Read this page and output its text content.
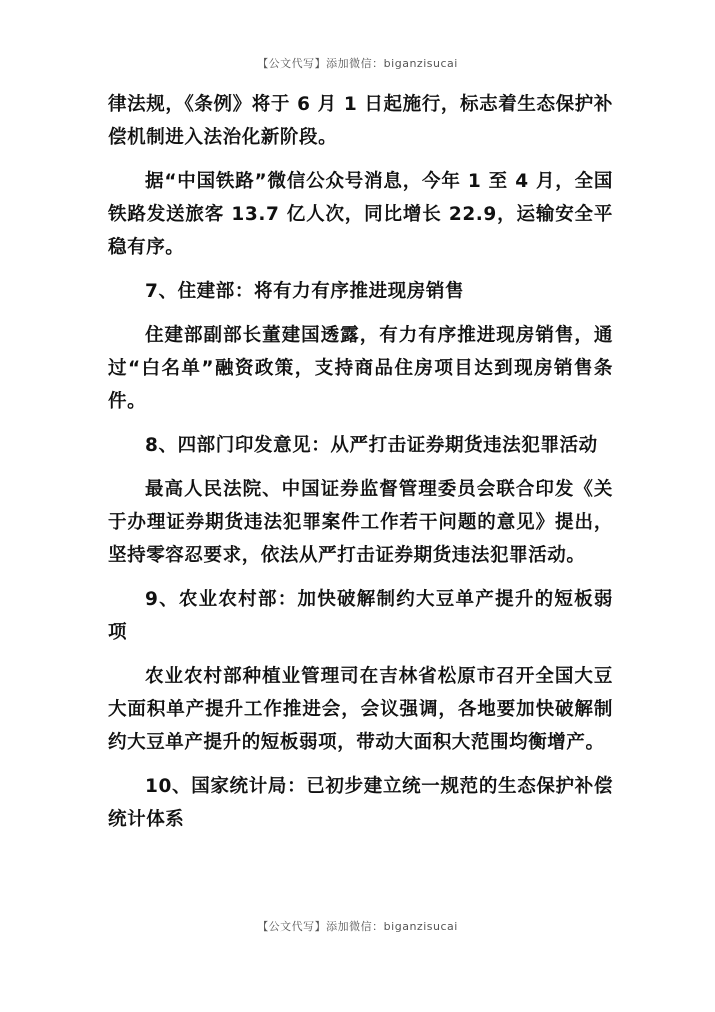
【公文代写】添加微信：biganzisucai

律法规，《条例》将于 6 月 1 日起施行，标志着生态保护补偿机制进入法治化新阶段。

据“中国铁路”微信公众号消息，今年 1 至 4 月，全国铁路发送旅客 13.7 亿人次，同比增长 22.9，运输安全平稳有序。

7、住建部：将有力有序推进现房销售

住建部副部长董建国透露，有力有序推进现房销售，通过“白名单”融资政策，支持商品住房项目达到现房销售条件。

8、四部门印发意见：从严打击证券期货违法犯罪活动

最高人民法院、中国证券监督管理委员会联合印发《关于办理证券期货违法犯罪案件工作若干问题的意见》提出，坚持零容忍要求，依法从严打击证券期货违法犯罪活动。

9、农业农村部：加快破解制约大豆单产提升的短板弱项

农业农村部种植业管理司在吉林省松原市召开全国大豆大面积单产提升工作推进会，会议强调，各地要加快破解制约大豆单产提升的短板弱项，带动大面积大范围均衡增产。

10、国家统计局：已初步建立统一规范的生态保护补偿统计体系

【公文代写】添加微信：biganzisucai
